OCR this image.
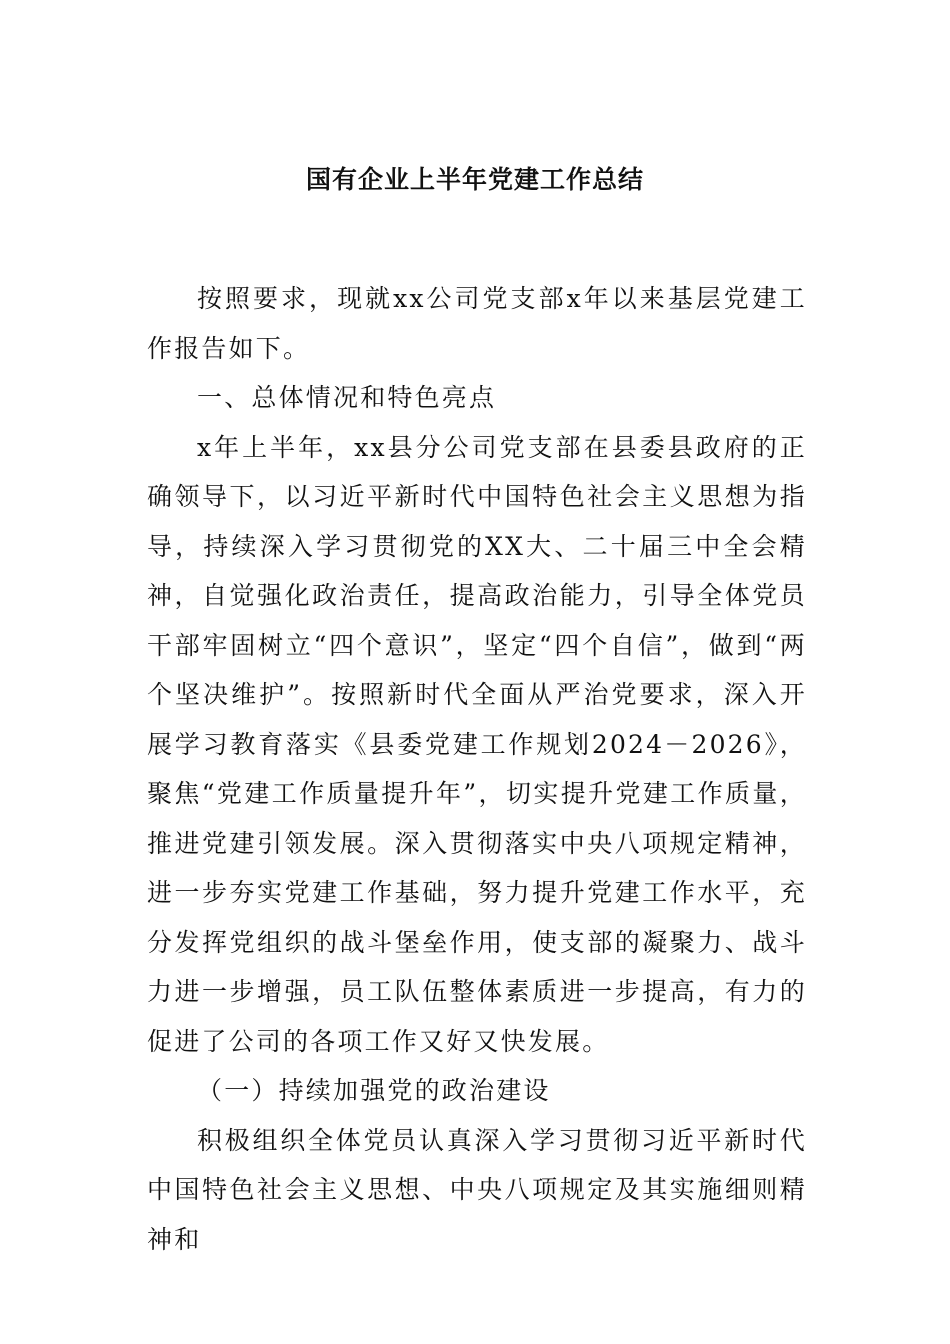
国有企业上半年党建工作总结

按照要求，现就xx公司党支部x年以来基层党建工作报告如下。

一、总体情况和特色亮点

x年上半年，xx县分公司党支部在县委县政府的正确领导下，以习近平新时代中国特色社会主义思想为指导，持续深入学习贯彻党的XX大、二十届三中全会精神，自觉强化政治责任，提高政治能力，引导全体党员干部牢固树立“四个意识”，坚定“四个自信”，做到“两个坚决维护”。按照新时代全面从严治党要求，深入开展学习教育落实《县委党建工作规划2024－2026》，聚焦“党建工作质量提升年”，切实提升党建工作质量，推进党建引领发展。深入贯彻落实中央八项规定精神，进一步夯实党建工作基础，努力提升党建工作水平，充分发挥党组织的战斗堡垒作用，使支部的凝聚力、战斗力进一步增强，员工队伍整体素质进一步提高，有力的促进了公司的各项工作又好又快发展。

（一）持续加强党的政治建设

积极组织全体党员认真深入学习贯彻习近平新时代中国特色社会主义思想、中央八项规定及其实施细则精神和
